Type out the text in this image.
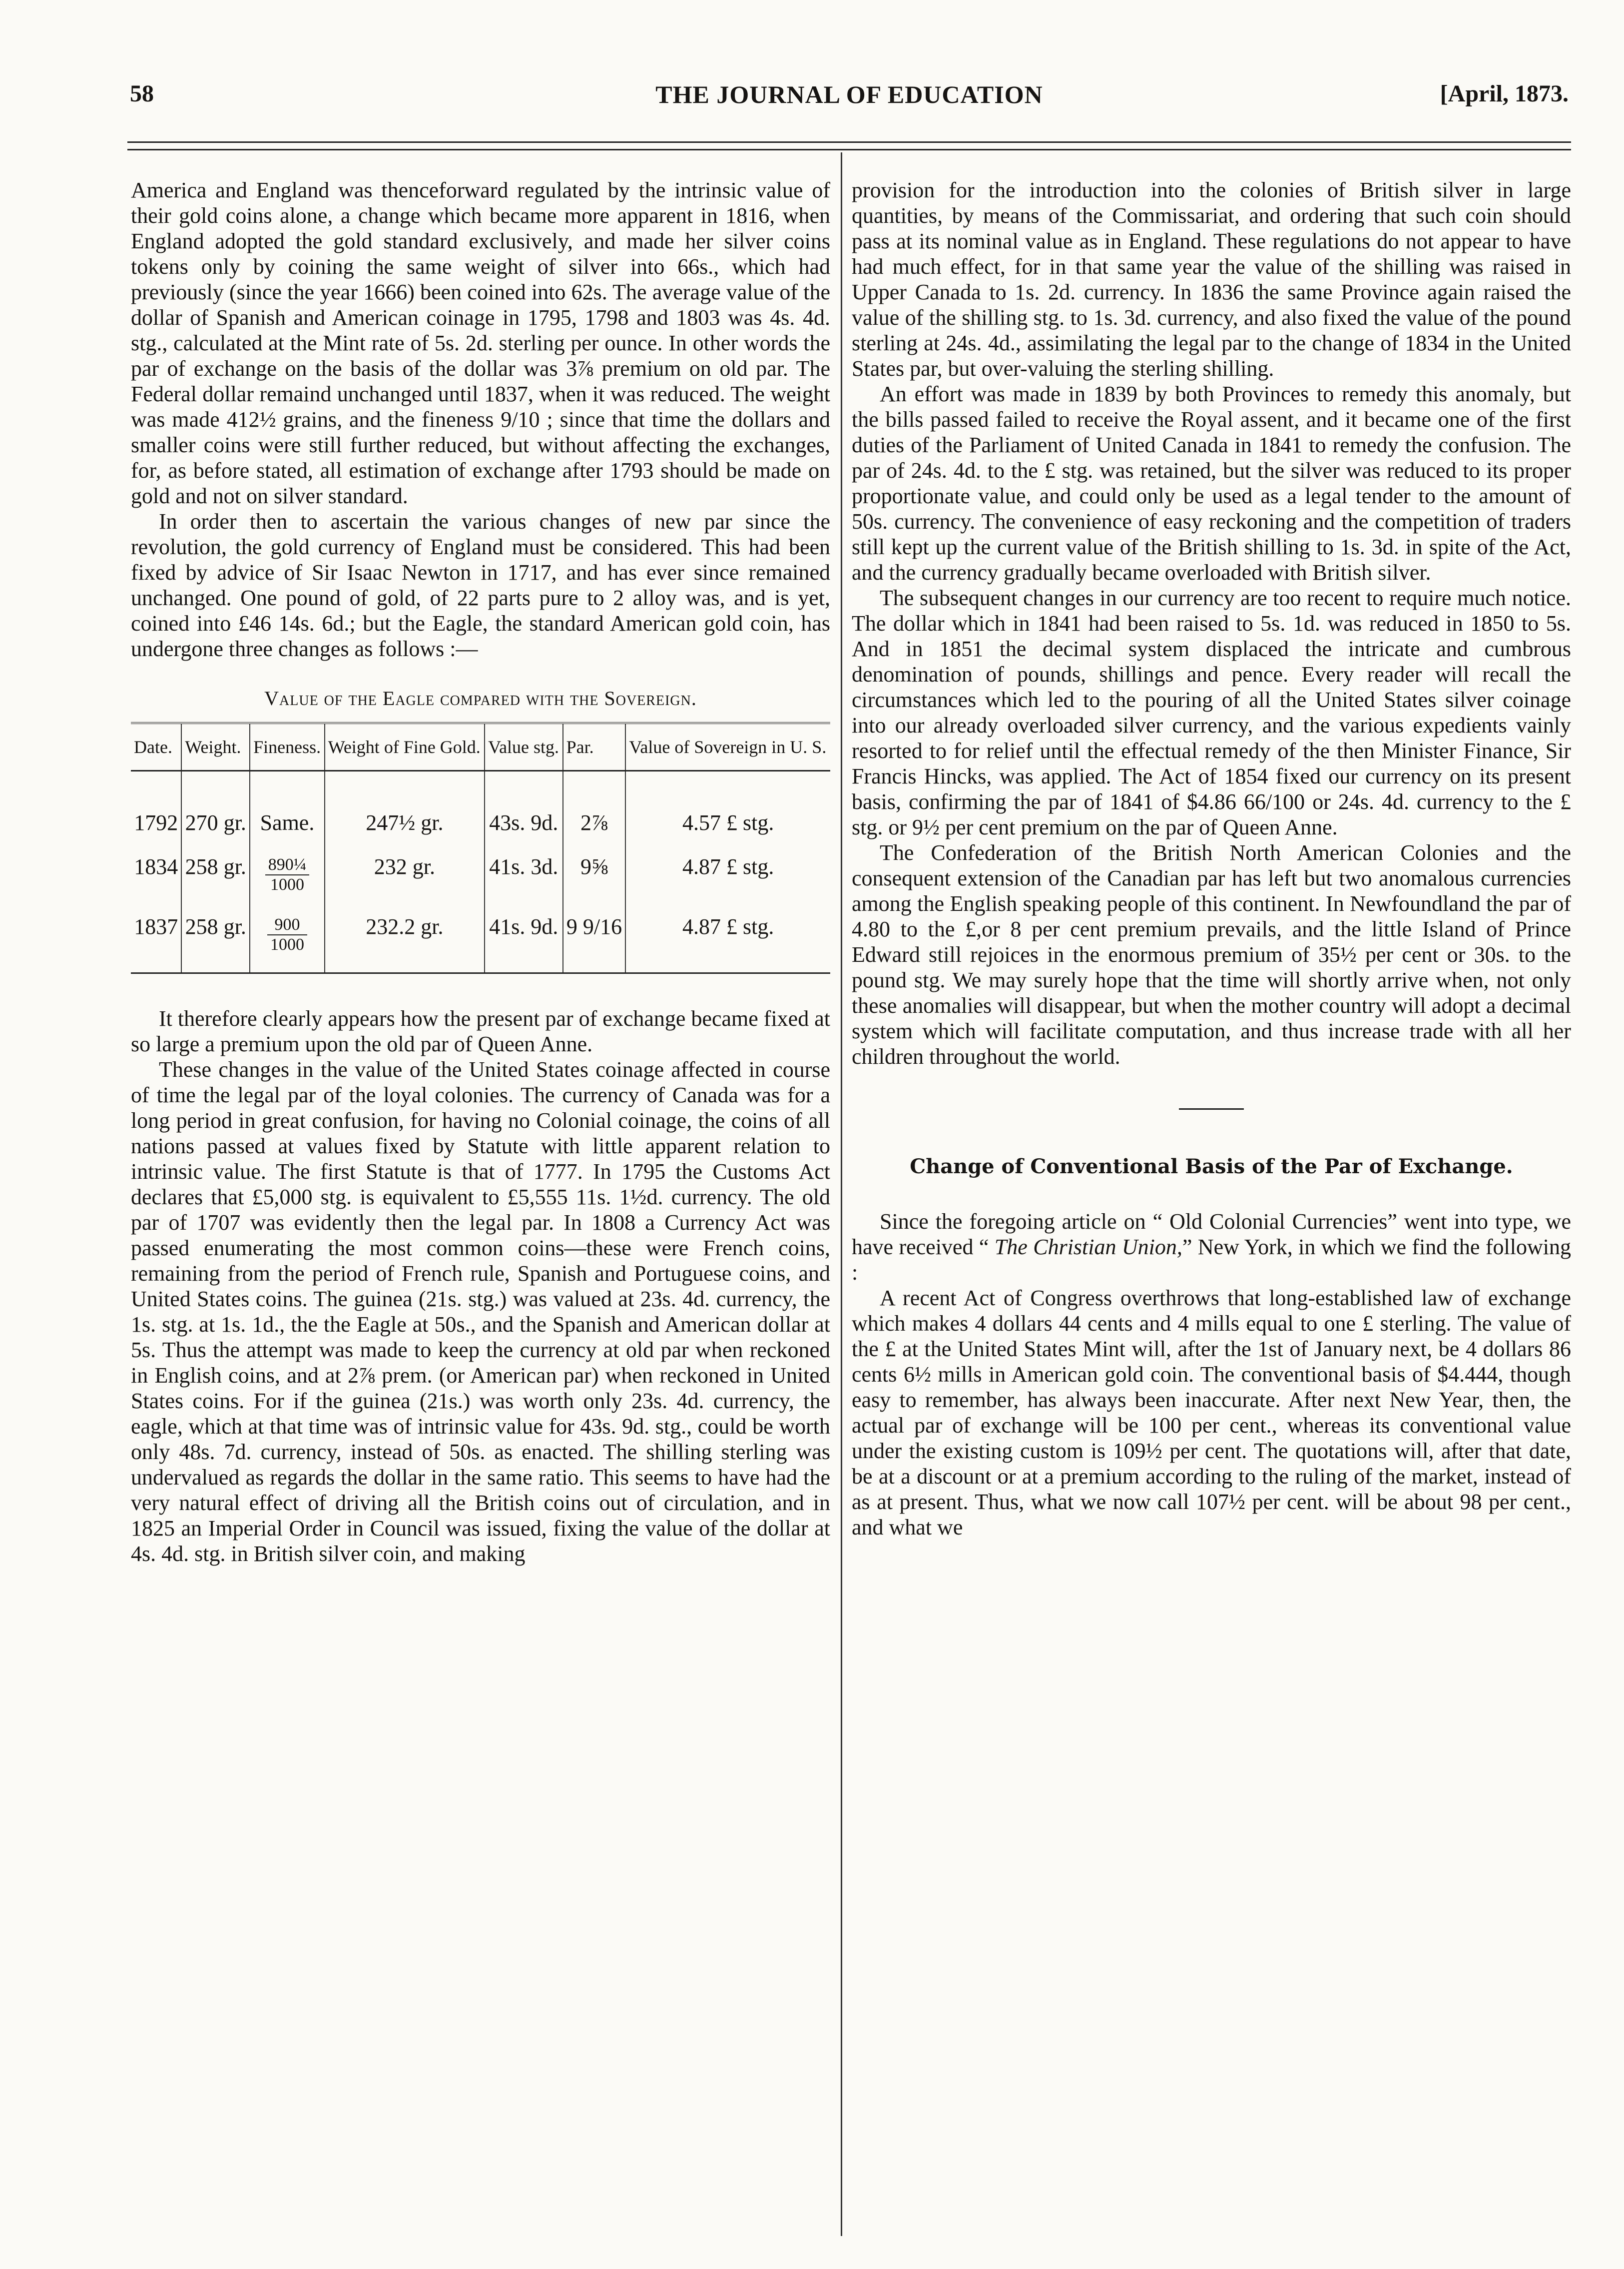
58	THE JOURNAL OF EDUCATION	[April, 1873.

America and England was thenceforward regulated by the intrinsic value of their gold coins alone, a change which became more apparent in 1816, when England adopted the gold standard exclusively, and made her silver coins tokens only by coining the same weight of silver into 66s., which had previously (since the year 1666) been coined into 62s. The average value of the dollar of Spanish and American coinage in 1795, 1798 and 1803 was 4s. 4d. stg., calculated at the Mint rate of 5s. 2d. sterling per ounce. In other words the par of exchange on the basis of the dollar was 3⅞ premium on old par. The Federal dollar remaind unchanged until 1837, when it was reduced. The weight was made 412½ grains, and the fineness 9/10 ; since that time the dollars and smaller coins were still further reduced, but without affecting the exchanges, for, as before stated, all estimation of exchange after 1793 should be made on gold and not on silver standard.

In order then to ascertain the various changes of new par since the revolution, the gold currency of England must be considered. This had been fixed by advice of Sir Isaac Newton in 1717, and has ever since remained unchanged. One pound of gold, of 22 parts pure to 2 alloy was, and is yet, coined into £46 14s. 6d.; but the Eagle, the standard American gold coin, has undergone three changes as follows :—

Value of the Eagle compared with the Sovereign.
Date.	Weight.	Fineness.	Weight of Fine Gold.	Value stg.	Par.	Value of Sovereign in U. S.
1792	270 gr.	Same.	247½ gr.	43s. 9d.	2⅞	4.57 £ stg.
1834	258 gr.	$\frac{\text{890¼}}{1000}$	232 gr.	41s. 3d.	9⅝	4.87 £ stg.
1837	258 gr.	$\frac{900}{1000}$	232.2 gr.	41s. 9d.	9 9/16	4.87 £ stg.

It therefore clearly appears how the present par of exchange became fixed at so large a premium upon the old par of Queen Anne.

These changes in the value of the United States coinage affected in course of time the legal par of the loyal colonies. The currency of Canada was for a long period in great confusion, for having no Colonial coinage, the coins of all nations passed at values fixed by Statute with little apparent relation to intrinsic value. The first Statute is that of 1777. In 1795 the Customs Act declares that £5,000 stg. is equivalent to £5,555 11s. 1½d. currency. The old par of 1707 was evidently then the legal par. In 1808 a Currency Act was passed enumerating the most common coins—these were French coins, remaining from the period of French rule, Spanish and Portuguese coins, and United States coins. The guinea (21s. stg.) was valued at 23s. 4d. currency, the 1s. stg. at 1s. 1d., the the Eagle at 50s., and the Spanish and American dollar at 5s. Thus the attempt was made to keep the currency at old par when reckoned in English coins, and at 2⅞ prem. (or American par) when reckoned in United States coins. For if the guinea (21s.) was worth only 23s. 4d. currency, the eagle, which at that time was of intrinsic value for 43s. 9d. stg., could be worth only 48s. 7d. currency, instead of 50s. as enacted. The shilling sterling was undervalued as regards the dollar in the same ratio. This seems to have had the very natural effect of driving all the British coins out of circulation, and in 1825 an Imperial Order in Council was issued, fixing the value of the dollar at 4s. 4d. stg. in British silver coin, and making

provision for the introduction into the colonies of British silver in large quantities, by means of the Commissariat, and ordering that such coin should pass at its nominal value as in England. These regulations do not appear to have had much effect, for in that same year the value of the shilling was raised in Upper Canada to 1s. 2d. currency. In 1836 the same Province again raised the value of the shilling stg. to 1s. 3d. currency, and also fixed the value of the pound sterling at 24s. 4d., assimilating the legal par to the change of 1834 in the United States par, but over-valuing the sterling shilling.

An effort was made in 1839 by both Provinces to remedy this anomaly, but the bills passed failed to receive the Royal assent, and it became one of the first duties of the Parliament of United Canada in 1841 to remedy the confusion. The par of 24s. 4d. to the £ stg. was retained, but the silver was reduced to its proper proportionate value, and could only be used as a legal tender to the amount of 50s. currency. The convenience of easy reckoning and the competition of traders still kept up the current value of the British shilling to 1s. 3d. in spite of the Act, and the currency gradually became overloaded with British silver.

The subsequent changes in our currency are too recent to require much notice. The dollar which in 1841 had been raised to 5s. 1d. was reduced in 1850 to 5s. And in 1851 the decimal system displaced the intricate and cumbrous denomination of pounds, shillings and pence. Every reader will recall the circumstances which led to the pouring of all the United States silver coinage into our already overloaded silver currency, and the various expedients vainly resorted to for relief until the effectual remedy of the then Minister Finance, Sir Francis Hincks, was applied. The Act of 1854 fixed our currency on its present basis, confirming the par of 1841 of $4.86 66/100 or 24s. 4d. currency to the £ stg. or 9½ per cent premium on the par of Queen Anne.

The Confederation of the British North American Colonies and the consequent extension of the Canadian par has left but two anomalous currencies among the English speaking people of this continent. In Newfoundland the par of 4.80 to the £,or 8 per cent premium prevails, and the little Island of Prince Edward still rejoices in the enormous premium of 35½ per cent or 30s. to the pound stg. We may surely hope that the time will shortly arrive when, not only these anomalies will disappear, but when the mother country will adopt a decimal system which will facilitate computation, and thus increase trade with all her children throughout the world.

Change of Conventional Basis of the Par of Exchange.

Since the foregoing article on “ Old Colonial Currencies” went into type, we have received “ The Christian Union,” New York, in which we find the following :

A recent Act of Congress overthrows that long-established law of exchange which makes 4 dollars 44 cents and 4 mills equal to one £ sterling. The value of the £ at the United States Mint will, after the 1st of January next, be 4 dollars 86 cents 6½ mills in American gold coin. The conventional basis of $4.444, though easy to remember, has always been inaccurate. After next New Year, then, the actual par of exchange will be 100 per cent., whereas its conventional value under the existing custom is 109½ per cent. The quotations will, after that date, be at a discount or at a premium according to the ruling of the market, instead of as at present. Thus, what we now call 107½ per cent. will be about 98 per cent., and what we
